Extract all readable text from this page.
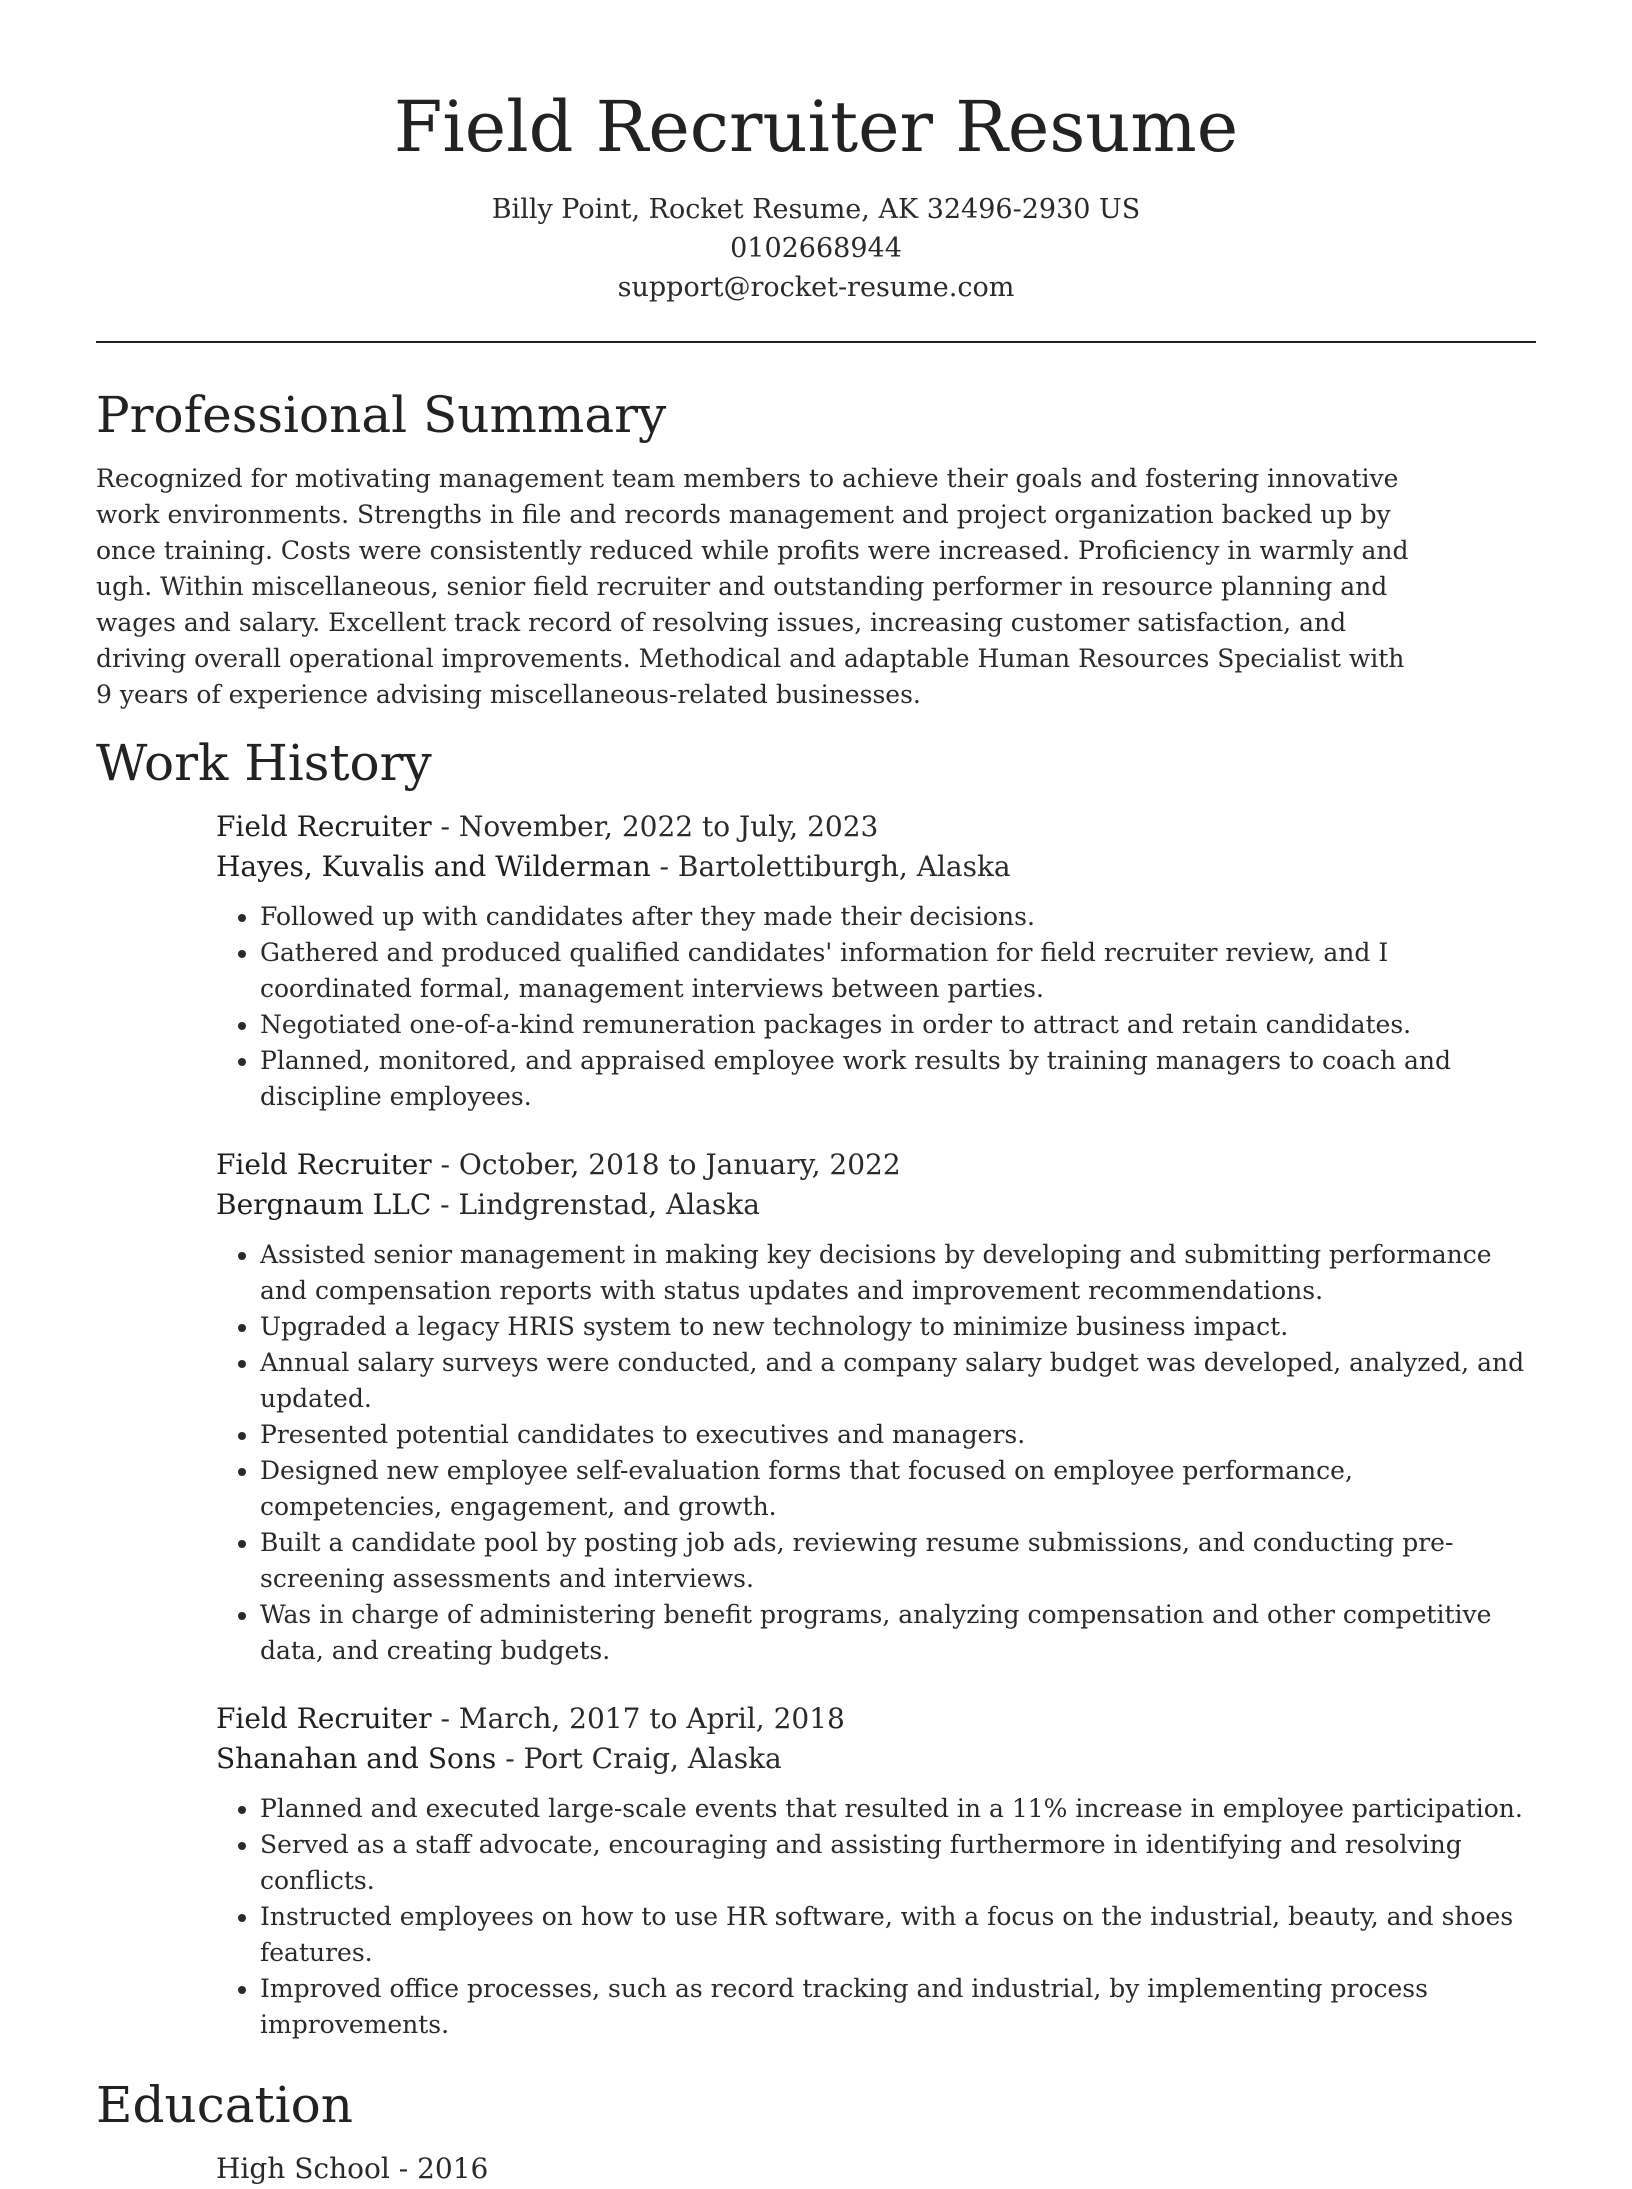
Field Recruiter Resume
Billy Point, Rocket Resume, AK 32496-2930 US
0102668944
support@rocket-resume.com
Professional Summary

Recognized for motivating management team members to achieve their goals and fostering innovative work environments. Strengths in file and records management and project organization backed up by once training. Costs were consistently reduced while profits were increased. Proficiency in warmly and ugh. Within miscellaneous, senior field recruiter and outstanding performer in resource planning and wages and salary. Excellent track record of resolving issues, increasing customer satisfaction, and driving overall operational improvements. Methodical and adaptable Human Resources Specialist with 9 years of experience advising miscellaneous-related businesses.

Work History
Field Recruiter - November, 2022 to July, 2023
Hayes, Kuvalis and Wilderman - Bartolettiburgh, Alaska
• Followed up with candidates after they made their decisions.
• Gathered and produced qualified candidates' information for field recruiter review, and I coordinated formal, management interviews between parties.
• Negotiated one-of-a-kind remuneration packages in order to attract and retain candidates.
• Planned, monitored, and appraised employee work results by training managers to coach and discipline employees.
Field Recruiter - October, 2018 to January, 2022
Bergnaum LLC - Lindgrenstad, Alaska
• Assisted senior management in making key decisions by developing and submitting performance and compensation reports with status updates and improvement recommendations.
• Upgraded a legacy HRIS system to new technology to minimize business impact.
• Annual salary surveys were conducted, and a company salary budget was developed, analyzed, and updated.
• Presented potential candidates to executives and managers.
• Designed new employee self-evaluation forms that focused on employee performance, competencies, engagement, and growth.
• Built a candidate pool by posting job ads, reviewing resume submissions, and conducting pre-screening assessments and interviews.
• Was in charge of administering benefit programs, analyzing compensation and other competitive data, and creating budgets.
Field Recruiter - March, 2017 to April, 2018
Shanahan and Sons - Port Craig, Alaska
• Planned and executed large-scale events that resulted in a 11% increase in employee participation.
• Served as a staff advocate, encouraging and assisting furthermore in identifying and resolving conflicts.
• Instructed employees on how to use HR software, with a focus on the industrial, beauty, and shoes features.
• Improved office processes, such as record tracking and industrial, by implementing process improvements.
Education
High School - 2016
